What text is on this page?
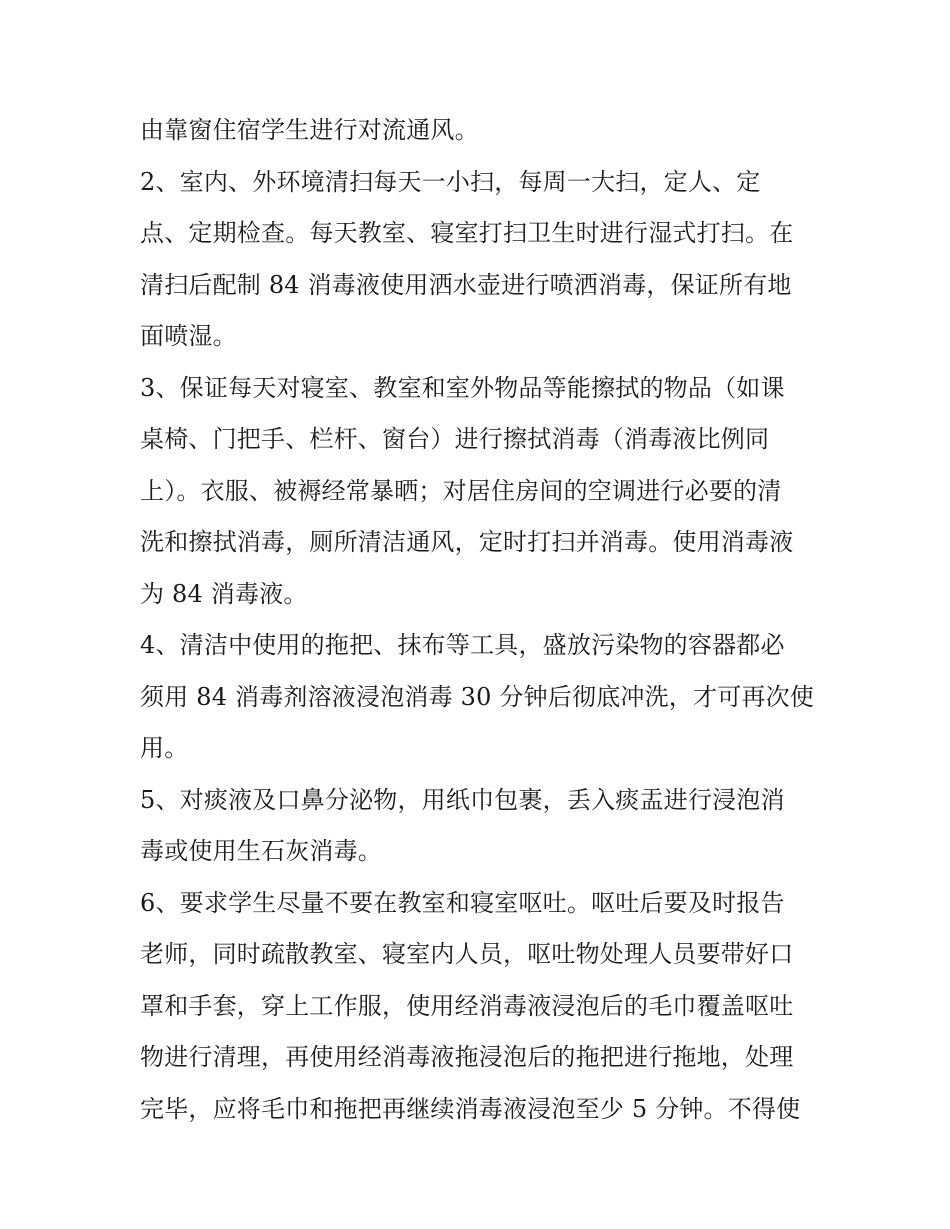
由靠窗住宿学生进行对流通风。
2、室内、外环境清扫每天一小扫，每周一大扫，定人、定
点、定期检查。每天教室、寝室打扫卫生时进行湿式打扫。在
清扫后配制 84 消毒液使用洒水壶进行喷洒消毒，保证所有地
面喷湿。
3、保证每天对寝室、教室和室外物品等能擦拭的物品（如课
桌椅、门把手、栏杆、窗台）进行擦拭消毒（消毒液比例同
上）。衣服、被褥经常暴晒；对居住房间的空调进行必要的清
洗和擦拭消毒，厕所清洁通风，定时打扫并消毒。使用消毒液
为 84 消毒液。
4、清洁中使用的拖把、抹布等工具，盛放污染物的容器都必
须用 84 消毒剂溶液浸泡消毒 30 分钟后彻底冲洗，才可再次使
用。
5、对痰液及口鼻分泌物，用纸巾包裹，丢入痰盂进行浸泡消
毒或使用生石灰消毒。
6、要求学生尽量不要在教室和寝室呕吐。呕吐后要及时报告
老师，同时疏散教室、寝室内人员，呕吐物处理人员要带好口
罩和手套，穿上工作服，使用经消毒液浸泡后的毛巾覆盖呕吐
物进行清理，再使用经消毒液拖浸泡后的拖把进行拖地，处理
完毕，应将毛巾和拖把再继续消毒液浸泡至少 5 分钟。不得使
